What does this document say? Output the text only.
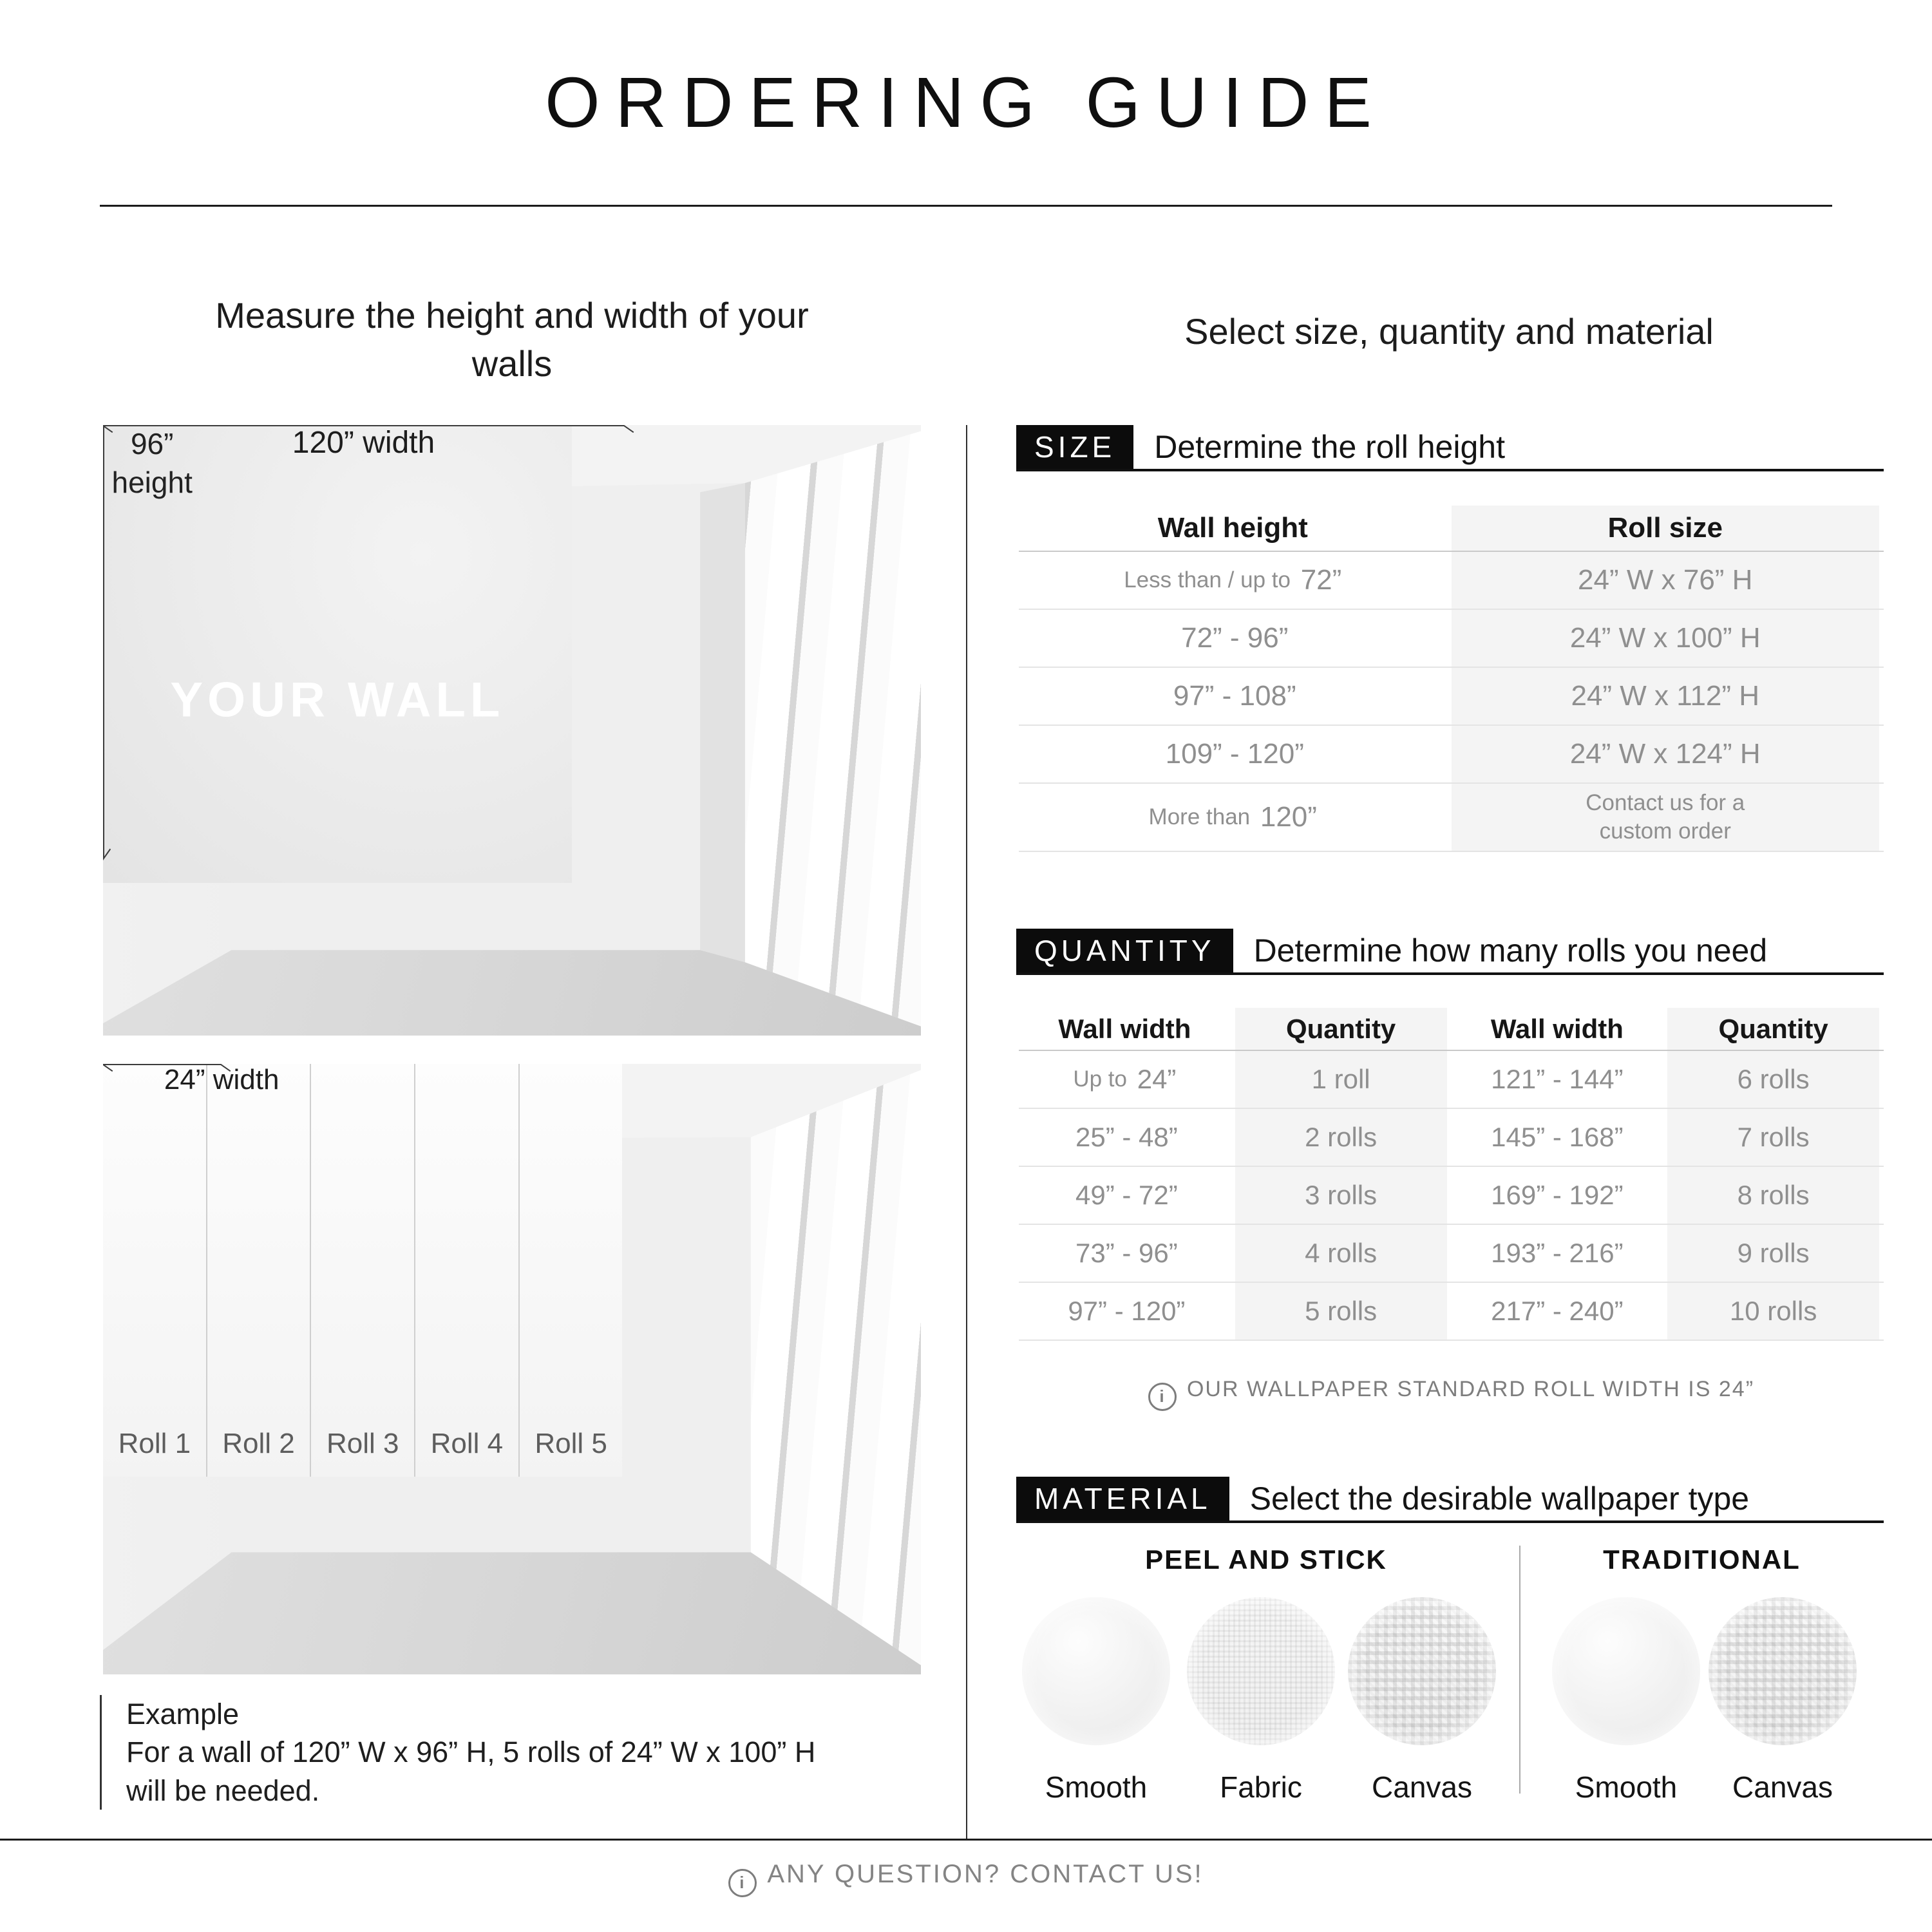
ORDERING GUIDE
Measure the height and width of your walls
Select size, quantity and material
YOUR WALL
96”
height
120” width
Roll 1	Roll 2	Roll 3	Roll 4	Roll 5
24” width
Example
For a wall of 120” W x 96” H, 5 rolls of 24” W x 100” H
will be needed.
SIZE	Determine the roll height
Wall height	Roll size
Less than / up to 72”	24” W x 76” H
72” - 96”	24” W x 100” H
97” - 108”	24” W x 112” H
109” - 120”	24” W x 124” H
More than 120”	Contact us for a
custom order
QUANTITY	Determine how many rolls you need
Wall width	Quantity	Wall width	Quantity
Up to 24”	1 roll	121” - 144”	6 rolls
25” - 48”	2 rolls	145” - 168”	7 rolls
49” - 72”	3 rolls	169” - 192”	8 rolls
73” - 96”	4 rolls	193” - 216”	9 rolls
97” - 120”	5 rolls	217” - 240”	10 rolls
iOUR WALLPAPER STANDARD ROLL WIDTH IS 24”
MATERIAL	Select the desirable wallpaper type
PEEL AND STICK	TRADITIONAL
Smooth	Fabric	Canvas	Smooth	Canvas
iANY QUESTION? CONTACT US!
